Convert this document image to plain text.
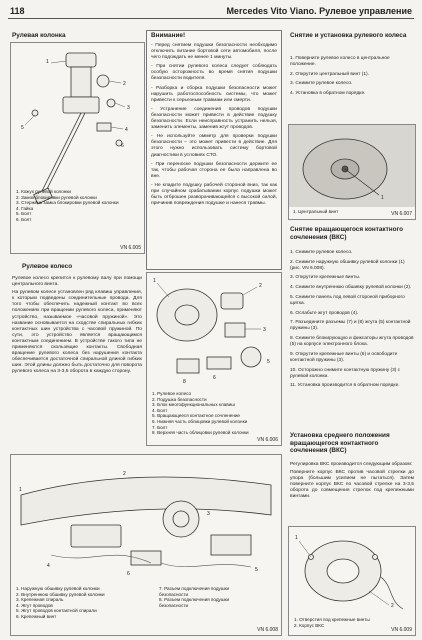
118	Mercedes Vito Viano. Рулевое управление
Рулевая колонка
1
2
3
4
5
6
1. Кожух рулевой колонки
2. Замок блокировки рулевой колонки
3. Стержень замка блокировки рулевой колонки
4. Гайка
5. Болт
6. Болт
VN 6.005
Рулевое колесо

Рулевое колесо крепится к рулевому валу при помощи центрального винта.

На рулевом колесе установлен ряд клавиш управления, к которым подведены соединительные провода. Для того чтобы обеспечить надежный контакт во всех положениях при вращении рулевого колеса, применяют устройство, называемое «часовой пружиной». Это название основывается на сходстве спиральных гибких контактных шин устройства с часовой пружиной. По сути, это устройство является вращающимся контактным соединением. В устройстве такого типа не применяются скользящие контакты. Свободная вращение рулевого колеса без нарушения контакта обеспечивается достаточной спиральной длиной гибких шин. Этой длины должно быть достаточно для поворота рулевого колеса на 3-3,5 оборота в каждую сторону.

Внимание!

- Перед снятием подушки безопасности необходимо отключить питание бортовой сети автомобиля, после чего подождать не менее 1 минуты.

- При снятии рулевого колеса следует соблюдать особую осторожность во время снятия подушки безопасности водителя.

- Разборка и сборка подушки безопасности может нарушить работоспособность системы, что может привести к серьезным травмам или смерти.

- Устранение соединения проводов подушки безопасности может привести в действие подушку безопасности. Если неисправность устранить нельзя, заменить элементы, заменив жгут проводов.

- Не используйте омметр для проверки подушки безопасности – это может привести в действие. Для этого нужно использовать систему бортовой диагностики в условиях СТО.

- При переноске подушки безопасности держите ее так, чтобы рабочая сторона ее была направлена во вне.

- Не кладите подушку рабочей стороной вниз, так как при случайном срабатывании корпус подушки может быть отброшен разворачивающейся с высокой силой, причинив повреждения подушке и нанеся травмы.

1
2
3
5
6
8
1. Рулевое колесо
2. Подушка безопасности
3. Блок многофункциональных клавиш
4. Болт
5. Вращающееся контактное сочленение
6. Нижняя часть облицовки рулевой колонки
7. Болт
8. Верхняя часть облицовки рулевой колонки
VN 6.006
1
2
3
4
5
6
1. Наружную обшивку рулевой колонки
2. Внутреннюю обшивку рулевой колонки
3. Крепежная спираль
4. Жгут проводов
5. Жгут проводов контактной спирали
6. Крепежный винт
7. Разъем подключения подушки безопасности
8. Разъем подключения подушки безопасности
VN 6.008
Снятие и установка рулевого колеса
1. Поверните рулевое колесо в центральное положение.
2. Открутите центральный винт (1).
3. Снимите рулевое колесо.
4. Установка в обратном порядке.
1
1. Центральный винт	VN 6.007
Снятие вращающегося контактного сочленения (ВКС)
1. Снимите рулевое колесо.
2. Снимите наружную обшивку рулевой колонки (1) (рис. VN 6.008).
3. Открутите крепежные винты.
4. Снимите внутреннюю обшивку рулевой колонки (2).
5. Снимите панель под левой стороной приборного щитка.
6. Ослабьте жгут проводов (4).
7. Разъедините разъемы (7) и (8) жгута (5) контактной пружины (3).
8. Снимите блокирующую и фиксаторы жгута проводов (5) на корпусе электронного блока.
9. Открутите крепежные винты (6) и освободите контактной пружины (3).
10. Осторожно снимите контактную пружину (3) с рулевой колонки.
11. Установка производится в обратном порядке.
Установка среднего положения вращающегося контактного сочленения (ВКС)

Регулировка ВКС производится следующим образом:

Поверните корпус ВКС против часовой стрелки до упора (большим усилием не пытаться). Затем поверните корпус ВКС по часовой стрелке на 3-3,5 оборота до совмещения стрелок под крепежными винтами.

1
2
1. Отверстия под крепежные винты
2. Корпус ВКС
VN 6.009
